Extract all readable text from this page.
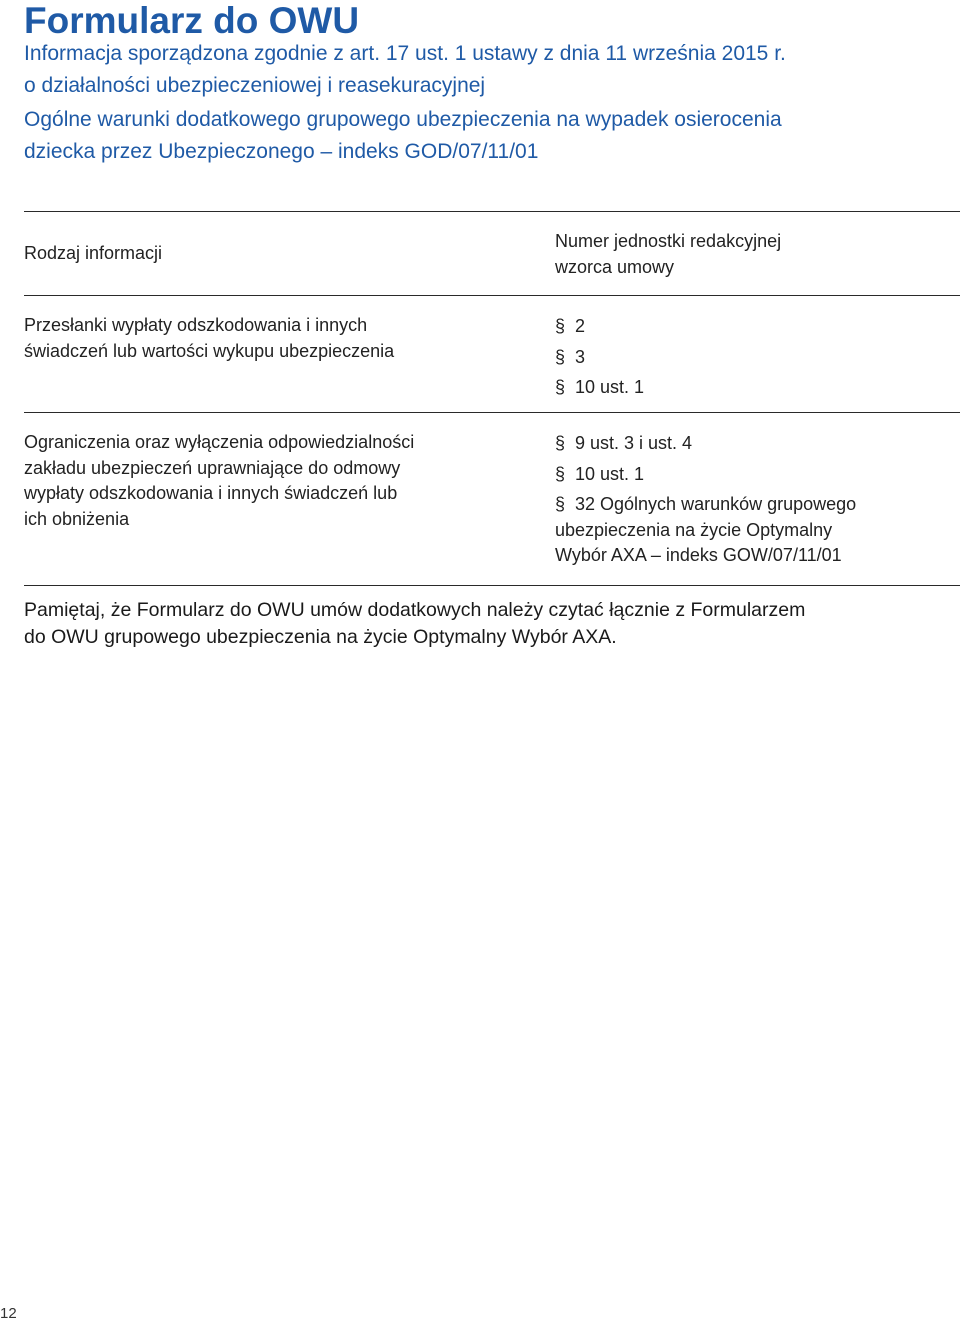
Formularz do OWU
Informacja sporządzona zgodnie z art. 17 ust. 1 ustawy z dnia 11 września 2015 r.
o działalności ubezpieczeniowej i reasekuracyjnej
Ogólne warunki dodatkowego grupowego ubezpieczenia na wypadek osierocenia
dziecka przez Ubezpieczonego – indeks GOD/07/11/01
Rodzaj informacji
Numer jednostki redakcyjnej
wzorca umowy
Przesłanki wypłaty odszkodowania i innych
świadczeń lub wartości wykupu ubezpieczenia
§ 2
§ 3
§ 10 ust. 1
Ograniczenia oraz wyłączenia odpowiedzialności
zakładu ubezpieczeń uprawniające do odmowy
wypłaty odszkodowania i innych świadczeń lub
ich obniżenia
§ 9 ust. 3 i ust. 4
§ 10 ust. 1
§ 32 Ogólnych warunków grupowego
ubezpieczenia na życie Optymalny
Wybór AXA – indeks GOW/07/11/01
Pamiętaj, że Formularz do OWU umów dodatkowych należy czytać łącznie z Formularzem
do OWU grupowego ubezpieczenia na życie Optymalny Wybór AXA.
12
